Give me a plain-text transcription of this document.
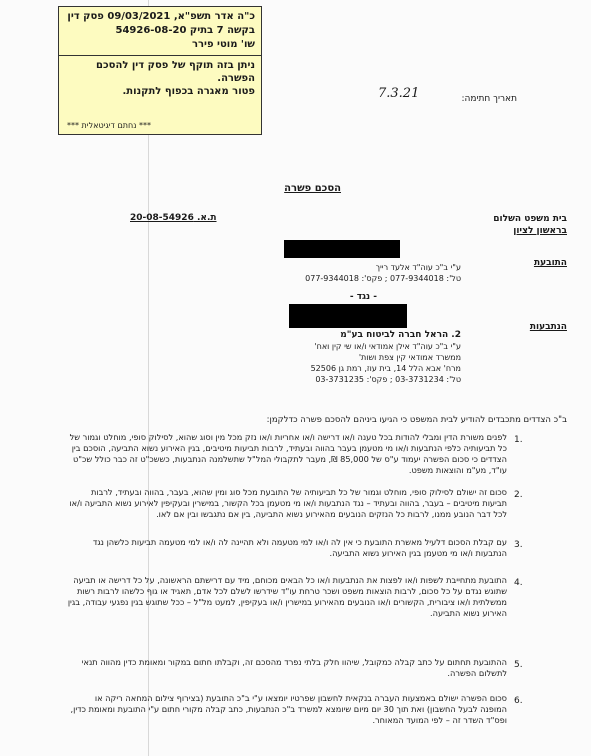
כ"ה אדר תשפ"א, 09/03/2021 פסק דין
בקשה 7 בתיק 54926-08-20
שו' מוטי פירר
ניתן בזה תוקף של פסק דין להסכם
הפשרה.
פטור מאגרה בכפוף לתקנות.
*** נחתם דיגיטאלית ***
תאריך חתימה:
7.3.21
הסכם פשרה
בית משפט השלום
בראשון לציון
ת.א. 20-08-54926
התובעת
ע"י ב"כ עוה"ד אלעד רייך
טל': 077-9344018 ; פקס': 077-9344018
- נגד -
הנתבעות
2. הראל חברה לביטוח בע"מ
ע"י ב"כ עוה"ד אילן אמודאי ו/או שי קין ואח'
ממשרד אמודאי קין צפת ושות'
מרח' אבא הלל 14, בית עוז, רמת גן 52506
טל': 03-3731234 ; פקס': 03-3731235
ב"כ הצדדים מתכבדים להודיע לבית המשפט כי הגיעו ביניהם להסכם פשרה כדלקמן:
1.
לפנים משורת הדין ומבלי להודות בכל טענה ו/או דרישה ו/או אחריות ו/או נזק מכל מין וסוג שהוא, לסילוק סופי, מוחלט וגמור של כל תביעותיה כלפי הנתבעות ו/או מי מטעמן בעבר בהווה ובעתיד, לרבות תביעות מיטיבים, בגין האירוע נשוא התביעה, הוסכם בין הצדדים כי סכום הפשרה יעמוד ע"ס של 85,000 ₪, מעבר לתקבולי המל"ל שתשלמנה הנתבעות, כששכ"ט זה כבר כולל שכ"ט עו"ד, מע"מ והוצאות משפט.
2.
סכום זה ישולם לסילוק סופי, מוחלט וגמור של כל תביעותיה של התובעת מכל סוג ומין שהוא, בעבר, בהווה ובעתיד, לרבות תביעות מיטיבים – בעבר, בהווה ובעתיד – נגד הנתבעות ו/או מי מטעמן בכל הקשור, במישרין ובעקיפין לאירוע נשוא התביעה ו/או לכל דבר הנובע ממנו, לרבות כל הנזקים הנובעים מהאירוע נשוא התביעה, בין אם נתגבשו ובין אם לאו.
3.
עם קבלת הסכום דלעיל מאשרת התובעת כי אין לה ו/או למי מטעמה ולא תהיינה לה ו/או למי מטעמה תביעות כלשהן נגד הנתבעות ו/או מי מטעמן בגין האירוע נשוא התביעה.
4.
התובעת מתחייבת לשפות ו/או לפצות את הנתבעות ו/או כל הבאים מכוחם, מיד עם דרישתם הראשונה, על כל דרישה או תביעה שתוגש נגדם על כל סכום, לרבות הוצאות משפט ושכר טרחת עו"ד שידרשו לשלם לכל אדם, תאגיד או גוף כלשהו לרבות רשות ממשלתית ו/או ציבורית, הקשורים ו/או הנובעים מהאירוע במישרין ו/או בעקיפין, למעט מל"ל – ככל שתוגש בגין נפגעי עבודה, בגין האירוע נשוא התביעה.
5.
ההתובעת תחתום על כתב קבלה כמקובל, שיהוו חלק בלתי נפרד מהסכם זה, וקבלתו חתום במקור ומאומת כדין מהווה תנאי לתשלום הפשרה.
6.
סכום הפשרה ישולם באמצעות העברה בנקאית לחשבון שפרטיו יומצאו ע"י ב"כ התובעת (בצירוף צילום המחאה ריקה או המופנה לבעל החשבון) ואת תוך 30 יום מיום שיומצא למשרד ב"כ הנתבעות, כתב קבלה מקורי חתום ע"י התובעת ומאומת כדין, ופס"ד השדר זה – לפי המועד המאוחר.
